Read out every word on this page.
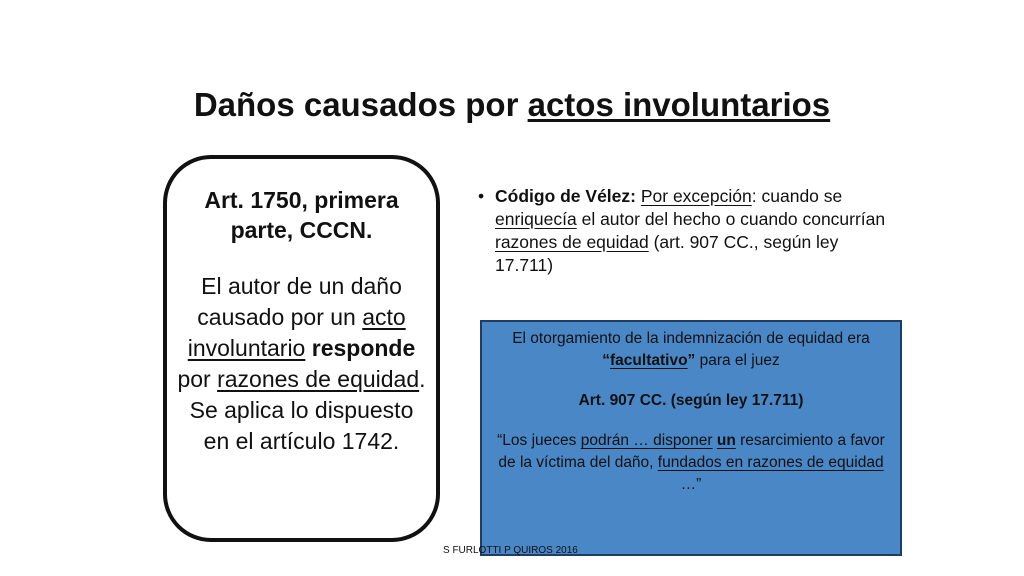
Daños causados por actos involuntarios

Art. 1750, primera parte, CCCN.

El autor de un daño causado por un acto involuntario responde por razones de equidad. Se aplica lo dispuesto en el artículo 1742.

• Código de Vélez: Por excepción: cuando se enriquecía el autor del hecho o cuando concurrían razones de equidad (art. 907 CC., según ley 17.711)

El otorgamiento de la indemnización de equidad era “facultativo” para el juez

Art. 907 CC. (según ley 17.711)

“Los jueces podrán … disponer un resarcimiento a favor de la víctima del daño, fundados en razones de equidad …”

S FURLOTTI P QUIROS 2016
